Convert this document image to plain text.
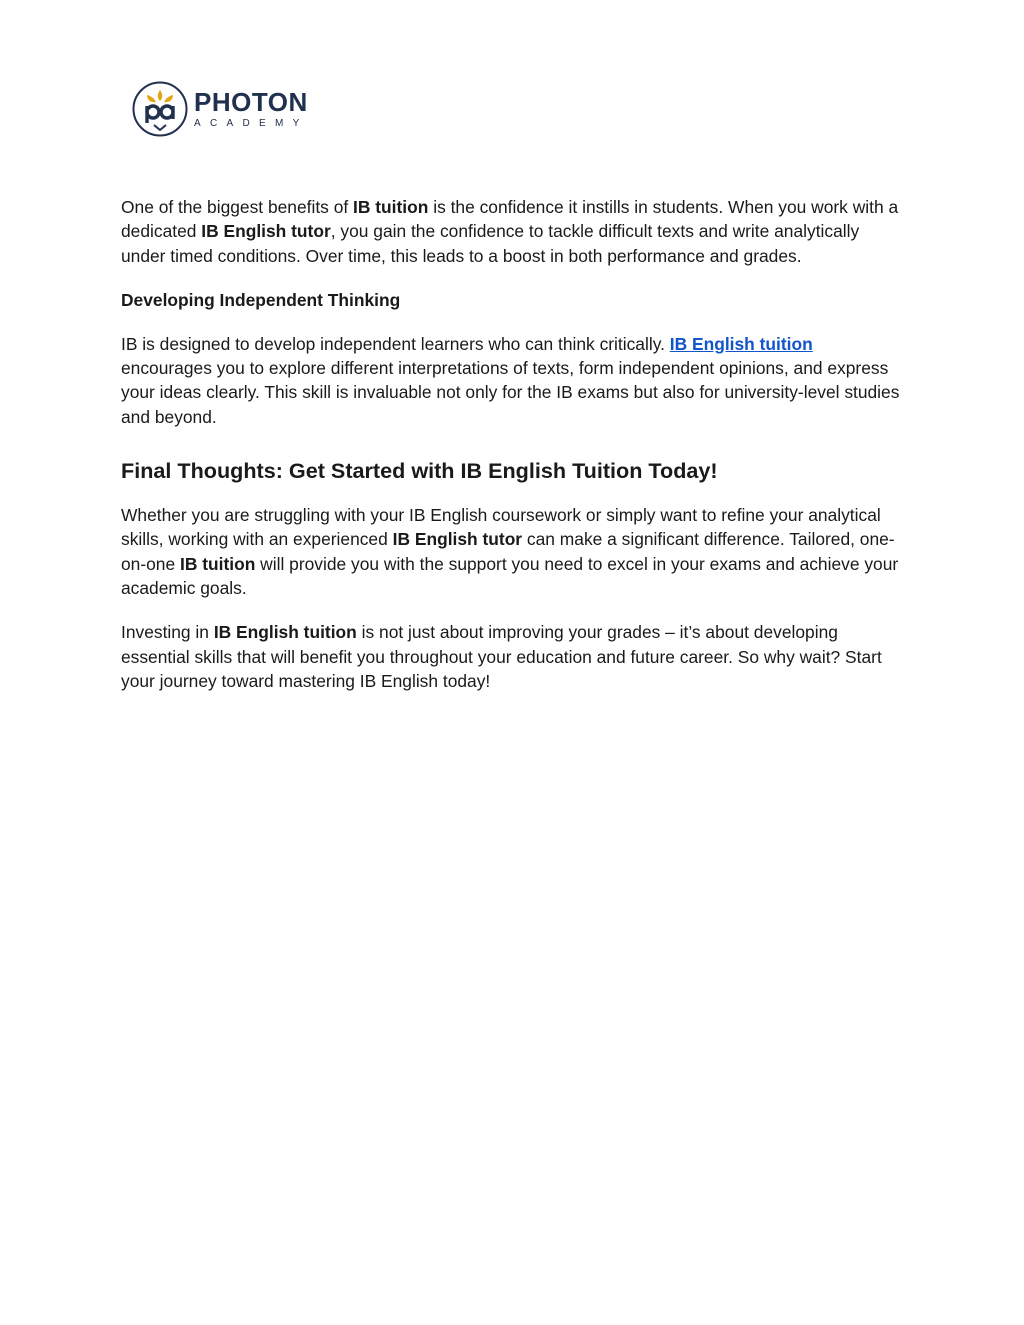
PHOTON
ACADEMY

One of the biggest benefits of IB tuition is the confidence it instills in students. When you work with a dedicated IB English tutor, you gain the confidence to tackle difficult texts and write analytically under timed conditions. Over time, this leads to a boost in both performance and grades.

Developing Independent Thinking

IB is designed to develop independent learners who can think critically. IB English tuition encourages you to explore different interpretations of texts, form independent opinions, and express your ideas clearly. This skill is invaluable not only for the IB exams but also for university-level studies and beyond.

Final Thoughts: Get Started with IB English Tuition Today!

Whether you are struggling with your IB English coursework or simply want to refine your analytical skills, working with an experienced IB English tutor can make a significant difference. Tailored, one-on-one IB tuition will provide you with the support you need to excel in your exams and achieve your academic goals.

Investing in IB English tuition is not just about improving your grades – it’s about developing essential skills that will benefit you throughout your education and future career. So why wait? Start your journey toward mastering IB English today!
